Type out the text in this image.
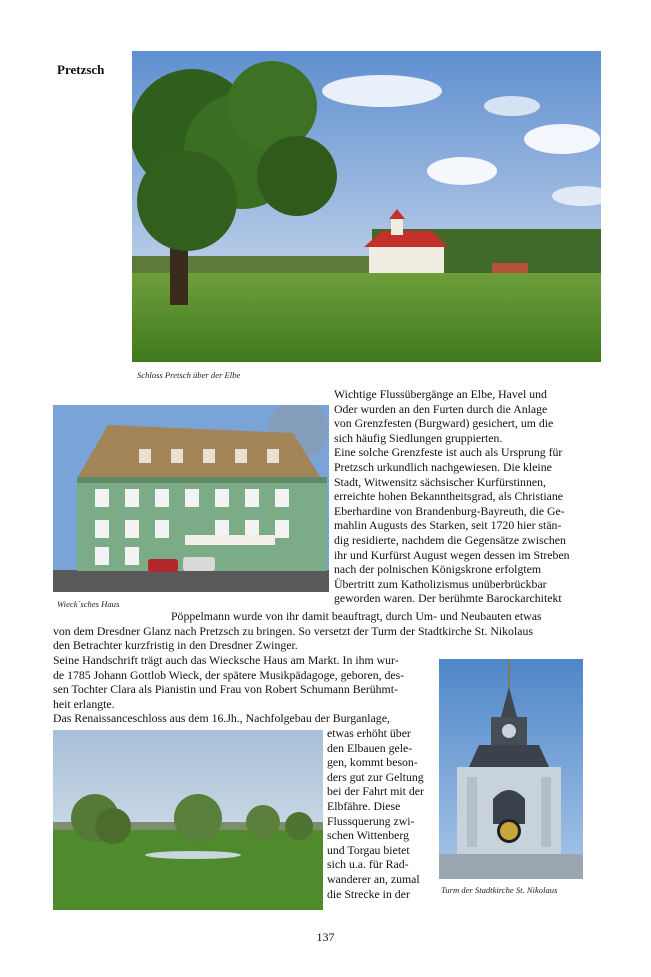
Pretzsch
Schloss Pretsch über der Elbe
Wieck´sches Haus
Wichtige Flussübergänge an Elbe, Havel und
Oder wurden an den Furten durch die Anlage
von Grenzfesten (Burgward) gesichert, um die
sich häufig Siedlungen gruppierten.
Eine solche Grenzfeste ist auch als Ursprung für
Pretzsch urkundlich nachgewiesen. Die kleine
Stadt, Witwensitz sächsischer Kurfürstinnen,
erreichte hohen Bekanntheitsgrad, als Christiane
Eberhardine von Brandenburg-Bayreuth, die Ge-
mahlin Augusts des Starken, seit 1720 hier stän-
dig residierte, nachdem die Gegensätze zwischen
ihr und Kurfürst August wegen dessen im Streben
nach der polnischen Königskrone erfolgtem
Übertritt zum Katholizismus unüberbrückbar
geworden waren. Der berühmte Barockarchitekt
Pöppelmann wurde von ihr damit beauftragt, durch Um- und Neubauten etwas
von dem Dresdner Glanz nach Pretzsch zu bringen. So versetzt der Turm der Stadtkirche St. Nikolaus
den Betrachter kurzfristig in den Dresdner Zwinger.
Seine Handschrift trägt auch das Wiecksche Haus am Markt. In ihm wur-
de 1785 Johann Gottlob Wieck, der spätere Musikpädagoge, geboren, des-
sen Tochter Clara als Pianistin und Frau von Robert Schumann Berühmt-
heit erlangte.
Das Renaissanceschloss aus dem 16.Jh., Nachfolgebau der Burganlage,
etwas erhöht über
den Elbauen gele-
gen, kommt beson-
ders gut zur Geltung
bei der Fahrt mit der
Elbfähre. Diese
Flussquerung zwi-
schen Wittenberg
und Torgau bietet
sich u.a. für Rad-
wanderer an, zumal
die Strecke in der	Turm der Stadtkirche St. Nikolaus
137
